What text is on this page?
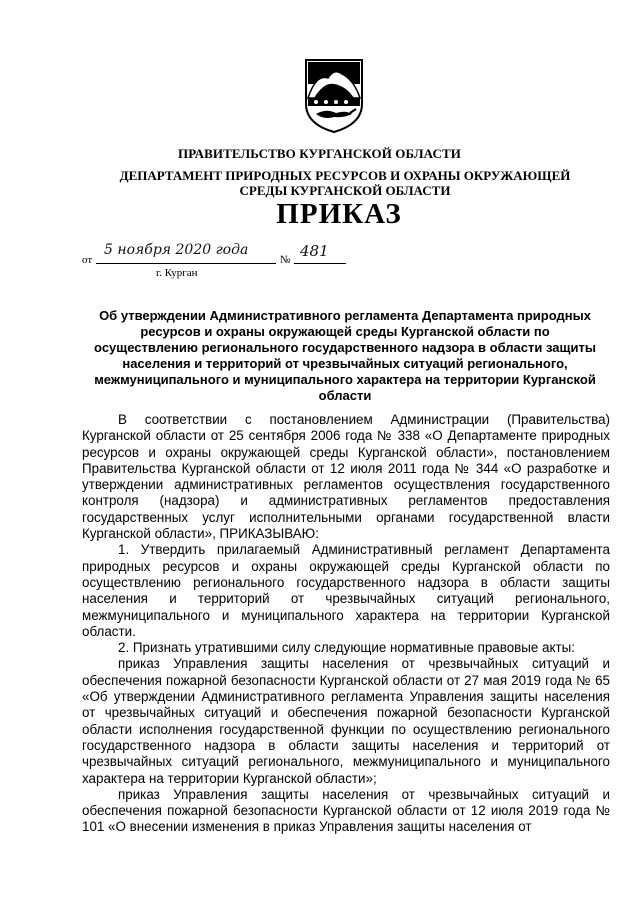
ПРАВИТЕЛЬСТВО КУРГАНСКОЙ ОБЛАСТИ
ДЕПАРТАМЕНТ ПРИРОДНЫХ РЕСУРСОВ И ОХРАНЫ ОКРУЖАЮЩЕЙ СРЕДЫ КУРГАНСКОЙ ОБЛАСТИ
ПРИКАЗ
от
5 ноября 2020 года
№ 481
г. Курган
Об утверждении Административного регламента Департамента природных ресурсов и охраны окружающей среды Курганской области по осуществлению регионального государственного надзора в области защиты населения и территорий от чрезвычайных ситуаций регионального, межмуниципального и муниципального характера на территории Курганской области

В соответствии с постановлением Администрации (Правительства) Курганской области от 25 сентября 2006 года № 338 «О Департаменте природных ресурсов и охраны окружающей среды Курганской области», постановлением Правительства Курганской области от 12 июля 2011 года № 344 «О разработке и утверждении административных регламентов осуществления государственного контроля (надзора) и административных регламентов предоставления государственных услуг исполнительными органами государственной власти Курганской области», ПРИКАЗЫВАЮ:

1. Утвердить прилагаемый Административный регламент Департамента природных ресурсов и охраны окружающей среды Курганской области по осуществлению регионального государственного надзора в области защиты населения и территорий от чрезвычайных ситуаций регионального, межмуниципального и муниципального характера на территории Курганской области.

2. Признать утратившими силу следующие нормативные правовые акты:

приказ Управления защиты населения от чрезвычайных ситуаций и обеспечения пожарной безопасности Курганской области от 27 мая 2019 года № 65 «Об утверждении Административного регламента Управления защиты населения от чрезвычайных ситуаций и обеспечения пожарной безопасности Курганской области исполнения государственной функции по осуществлению регионального государственного надзора в области защиты населения и территорий от чрезвычайных ситуаций регионального, межмуниципального и муниципального характера на территории Курганской области»;

приказ Управления защиты населения от чрезвычайных ситуаций и обеспечения пожарной безопасности Курганской области от 12 июля 2019 года № 101 «О внесении изменения в приказ Управления защиты населения от
